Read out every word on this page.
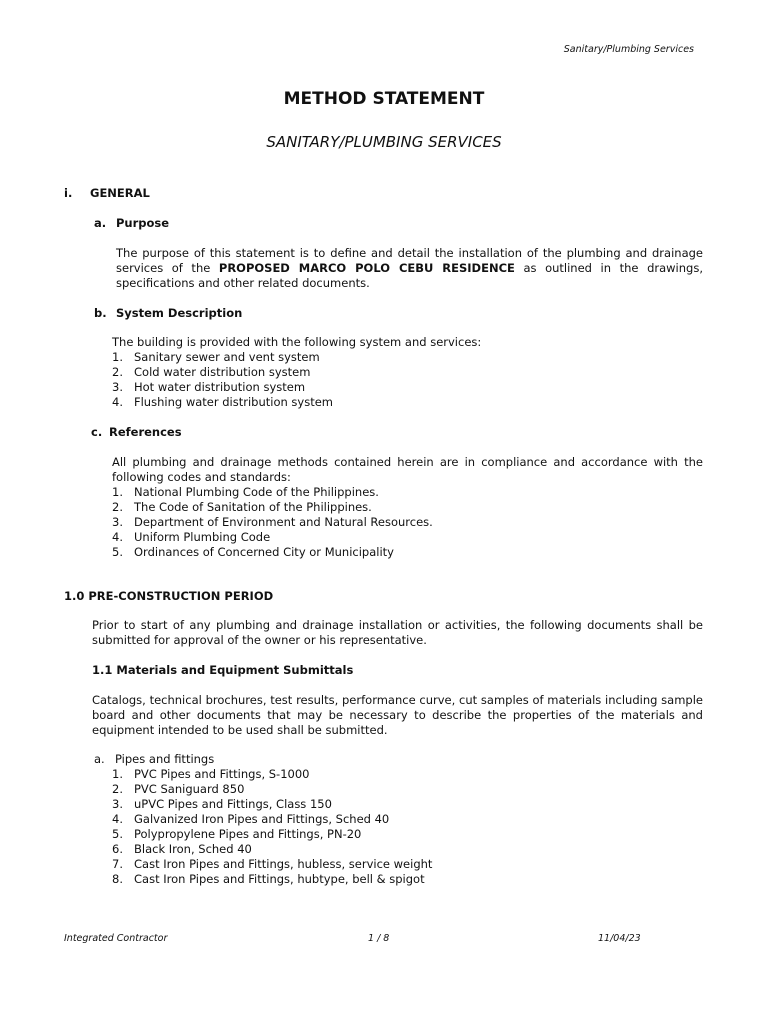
Sanitary/Plumbing Services
METHOD STATEMENT
SANITARY/PLUMBING SERVICES
i. GENERAL
a. Purpose
The purpose of this statement is to define and detail the installation of the plumbing and drainage services of the PROPOSED MARCO POLO CEBU RESIDENCE as outlined in the drawings, specifications and other related documents.
b. System Description
The building is provided with the following system and services:
1. Sanitary sewer and vent system
2. Cold water distribution system
3. Hot water distribution system
4. Flushing water distribution system
c. References
All plumbing and drainage methods contained herein are in compliance and accordance with the following codes and standards:
1. National Plumbing Code of the Philippines.
2. The Code of Sanitation of the Philippines.
3. Department of Environment and Natural Resources.
4. Uniform Plumbing Code
5. Ordinances of Concerned City or Municipality
1.0 PRE-CONSTRUCTION PERIOD
Prior to start of any plumbing and drainage installation or activities, the following documents shall be submitted for approval of the owner or his representative.
1.1 Materials and Equipment Submittals
Catalogs, technical brochures, test results, performance curve, cut samples of materials including sample board and other documents that may be necessary to describe the properties of the materials and equipment intended to be used shall be submitted.
a. Pipes and fittings
1. PVC Pipes and Fittings, S-1000
2. PVC Saniguard 850
3. uPVC Pipes and Fittings, Class 150
4. Galvanized Iron Pipes and Fittings, Sched 40
5. Polypropylene Pipes and Fittings, PN-20
6. Black Iron, Sched 40
7. Cast Iron Pipes and Fittings, hubless, service weight
8. Cast Iron Pipes and Fittings, hubtype, bell & spigot
Integrated Contractor	1 / 8	11/04/23
